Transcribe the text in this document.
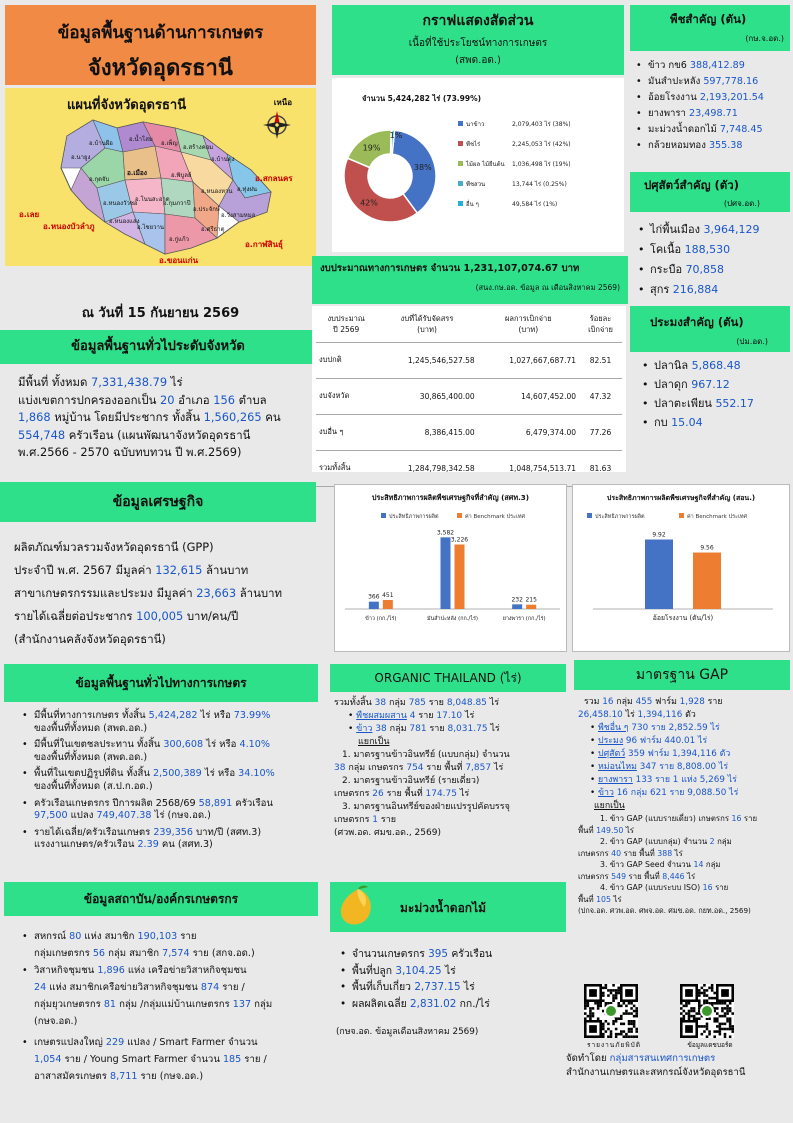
ข้อมูลพื้นฐานด้านการเกษตร
จังหวัดอุดรธานี
แผนที่จังหวัดอุดรธานี	เหนือ
อ.บ้านผือ
อ.น้ำโสม
อ.นายูง
อ.เพ็ญ
อ.สร้างคอม
อ.บ้านดุง
อ.ทุ่งฝน
อ.พิบูลย์
อ.หนองหาน
อ.เมือง
อ.กุดจับ
อ.หนองวัวซอ
อ.ศรีธาตุ
อ.วังสามหมอ
อ.ไชยวาน
อ.กุมภวาปี
อ.โนนสะอาด
อ.กู่แก้ว
อ.ประจักษ์
อ.หนองแสง
อ.เลย
อ.หนองบัวลำภู
อ.ขอนแก่น
อ.สกลนคร
อ.กาฬสินธุ์
ณ วันที่ 15 กันยายน 2569
ข้อมูลพื้นฐานทั่วไประดับจังหวัด
มีพื้นที่ ทั้งหมด 7,331,438.79 ไร่
แบ่งเขตการปกครองออกเป็น 20 อำเภอ 156 ตำบล
1,868 หมู่บ้าน โดยมีประชากร ทั้งสิ้น 1,560,265 คน
554,748 ครัวเรือน (แผนพัฒนาจังหวัดอุดรธานี
พ.ศ.2566 - 2570 ฉบับทบทวน ปี พ.ศ.2569)
ข้อมูลเศรษฐกิจ
ผลิตภัณฑ์มวลรวมจังหวัดอุดรธานี (GPP)
ประจำปี พ.ศ. 2567 มีมูลค่า 132,615 ล้านบาท
สาขาเกษตรกรรมและประมง มีมูลค่า 23,663 ล้านบาท
รายได้เฉลี่ยต่อประชากร 100,005 บาท/คน/ปี
(สำนักงานคลังจังหวัดอุดรธานี)
ข้อมูลพื้นฐานทั่วไปทางการเกษตร
• มีพื้นที่ทางการเกษตร ทั้งสิ้น 5,424,282 ไร่ หรือ 73.99%
ของพื้นที่ทั้งหมด (สพด.อด.)
• มีพื้นที่ในเขตชลประทาน ทั้งสิ้น 300,608 ไร่ หรือ 4.10%
ของพื้นที่ทั้งหมด (สพด.อด.)
• พื้นที่ในเขตปฏิรูปที่ดิน ทั้งสิ้น 2,500,389 ไร่ หรือ 34.10%
ของพื้นที่ทั้งหมด (ส.ป.ก.อด.)
• ครัวเรือนเกษตรกร ปีการผลิต 2568/69 58,891 ครัวเรือน
97,500 แปลง 749,407.38 ไร่ (กษจ.อด.)
• รายได้เฉลี่ย/ครัวเรือนเกษตร 239,356 บาท/ปี (สศท.3)
แรงงานเกษตร/ครัวเรือน 2.39 คน (สศท.3)
ข้อมูลสถาบัน/องค์กรเกษตรกร
• สหกรณ์ 80 แห่ง สมาชิก 190,103 ราย
กลุ่มเกษตรกร 56 กลุ่ม สมาชิก 7,574 ราย (สกจ.อด.)
• วิสาหกิจชุมชน 1,896 แห่ง เครือข่ายวิสาหกิจชุมชน
24 แห่ง สมาชิกเครือข่ายวิสาหกิจชุมชน 874 ราย /
กลุ่มยุวเกษตรกร 81 กลุ่ม /กลุ่มแม่บ้านเกษตรกร 137 กลุ่ม
(กษจ.อด.)
• เกษตรแปลงใหญ่ 229 แปลง / Smart Farmer จำนวน
1,054 ราย / Young Smart Farmer จำนวน 185 ราย /
อาสาสมัครเกษตร 8,711 ราย (กษจ.อด.)
กราฟแสดงสัดส่วน
เนื้อที่ใช้ประโยชน์ทางการเกษตร
(สพด.อด.)
จำนวน 5,424,282 ไร่ (73.99%)
38%
42%
19%
1%
นาข้าว	2,079,403 ไร่ (38%)
พืชไร่	2,245,053 ไร่ (42%)
ไม้ผล ไม้ยืนต้น 1,036,498 ไร่ (19%)
พืชสวน	13,744 ไร่ (0.25%)
อื่น ๆ	49,584 ไร่ (1%)
งบประมาณทางการเกษตร จำนวน 1,231,107,074.67 บาท
(สนง.กษ.อด. ข้อมูล ณ เดือนสิงหาคม 2569)
งบประมาณ
ปี 2569	งบที่ได้รับจัดสรร
(บาท)	ผลการเบิกจ่าย
(บาท)	ร้อยละ
เบิกจ่าย
งบปกติ	1,245,546,527.58	1,027,667,687.71	82.51
งบจังหวัด	30,865,400.00	14,607,452.00	47.32
งบอื่น ๆ	8,386,415.00	6,479,374.00	77.26
รวมทั้งสิ้น	1,284,798,342.58	1,048,754,513.71	81.63
ประสิทธิภาพการผลิตพืชเศรษฐกิจที่สำคัญ (สศท.3)
ประสิทธิภาพการผลิต	ค่า Benchmark ประเทศ
366 451
ข้าว (กก./ไร่)
3,582
3,226
มันสำปะหลัง (กก./ไร่)
232 215
ยางพารา (กก./ไร่)
ประสิทธิภาพการผลิตพืชเศรษฐกิจที่สำคัญ (สอน.)
ประสิทธิภาพการผลิต	ค่า Benchmark ประเทศ
9.92
9.56
อ้อยโรงงาน (ตัน/ไร่)
พืชสำคัญ (ตัน)
(กษ.จ.อด.)
• ข้าว กข6 388,412.89
• มันสำปะหลัง 597,778.16
• อ้อยโรงงาน 2,193,201.54
• ยางพารา 23,498.71
• มะม่วงน้ำดอกไม้ 7,748.45
• กล้วยหอมทอง 355.38
ปศุสัตว์สำคัญ (ตัว)
(ปศจ.อด.)
• ไก่พื้นเมือง 3,964,129
• โคเนื้อ 188,530
• กระบือ 70,858
• สุกร 216,884
ประมงสำคัญ (ตัน)
(ปม.อด.)
• ปลานิล 5,868.48
• ปลาดุก 967.12
• ปลาตะเพียน 552.17
• กบ 15.04
ORGANIC THAILAND (ไร่)
รวมทั้งสิ้น 38 กลุ่ม 785 ราย 8,048.85 ไร่
• พืชผสมผสาน 4 ราย 17.10 ไร่
• ข้าว 38 กลุ่ม 781 ราย 8,031.75 ไร่
แยกเป็น
1. มาตรฐานข้าวอินทรีย์ (แบบกลุ่ม) จำนวน
38 กลุ่ม เกษตรกร 754 ราย พื้นที่ 7,857 ไร่
2. มาตรฐานข้าวอินทรีย์ (รายเดี่ยว)
เกษตรกร 26 ราย พื้นที่ 174.75 ไร่
3. มาตรฐานอินทรีย์ของฝ่ายแปรรูปคัดบรรจุ
เกษตรกร 1 ราย
(ศวพ.อด. ศมข.อด., 2569)
มะม่วงน้ำดอกไม้
• จำนวนเกษตรกร 395 ครัวเรือน
• พื้นที่ปลูก 3,104.25 ไร่
• พื้นที่เก็บเกี่ยว 2,737.15 ไร่
• ผลผลิตเฉลี่ย 2,831.02 กก./ไร่
(กษจ.อด. ข้อมูลเดือนสิงหาคม 2569)
มาตรฐาน GAP
รวม 16 กลุ่ม 455 ฟาร์ม 1,928 ราย
26,458.10 ไร่ 1,394,116 ตัว
• พืชอื่น ๆ 730 ราย 2,852.59 ไร่
• ประมง 96 ฟาร์ม 440.01 ไร่
• ปศุสัตว์ 359 ฟาร์ม 1,394,116 ตัว
• หม่อนไหม 347 ราย 8,808.00 ไร่
• ยางพารา 133 ราย 1 แห่ง 5,269 ไร่
• ข้าว 16 กลุ่ม 621 ราย 9,088.50 ไร่
แยกเป็น
1. ข้าว GAP (แบบรายเดี่ยว) เกษตรกร 16 ราย
พื้นที่ 149.50 ไร่
2. ข้าว GAP (แบบกลุ่ม) จำนวน 2 กลุ่ม
เกษตรกร 40 ราย พื้นที่ 388 ไร่
3. ข้าว GAP Seed จำนวน 14 กลุ่ม
เกษตรกร 549 ราย พื้นที่ 8,446 ไร่
4. ข้าว GAP (แบบระบบ ISO) 16 ราย
พื้นที่ 105 ไร่
(ปกจ.อด. ศวพ.อด. ศพจ.อด. ศมข.อด. กยท.อด., 2569)
รายงานภัยพิบัติ	ข้อมูลแดชบอร์ด
จัดทำโดย กลุ่มสารสนเทศการเกษตร
สำนักงานเกษตรและสหกรณ์จังหวัดอุดรธานี
